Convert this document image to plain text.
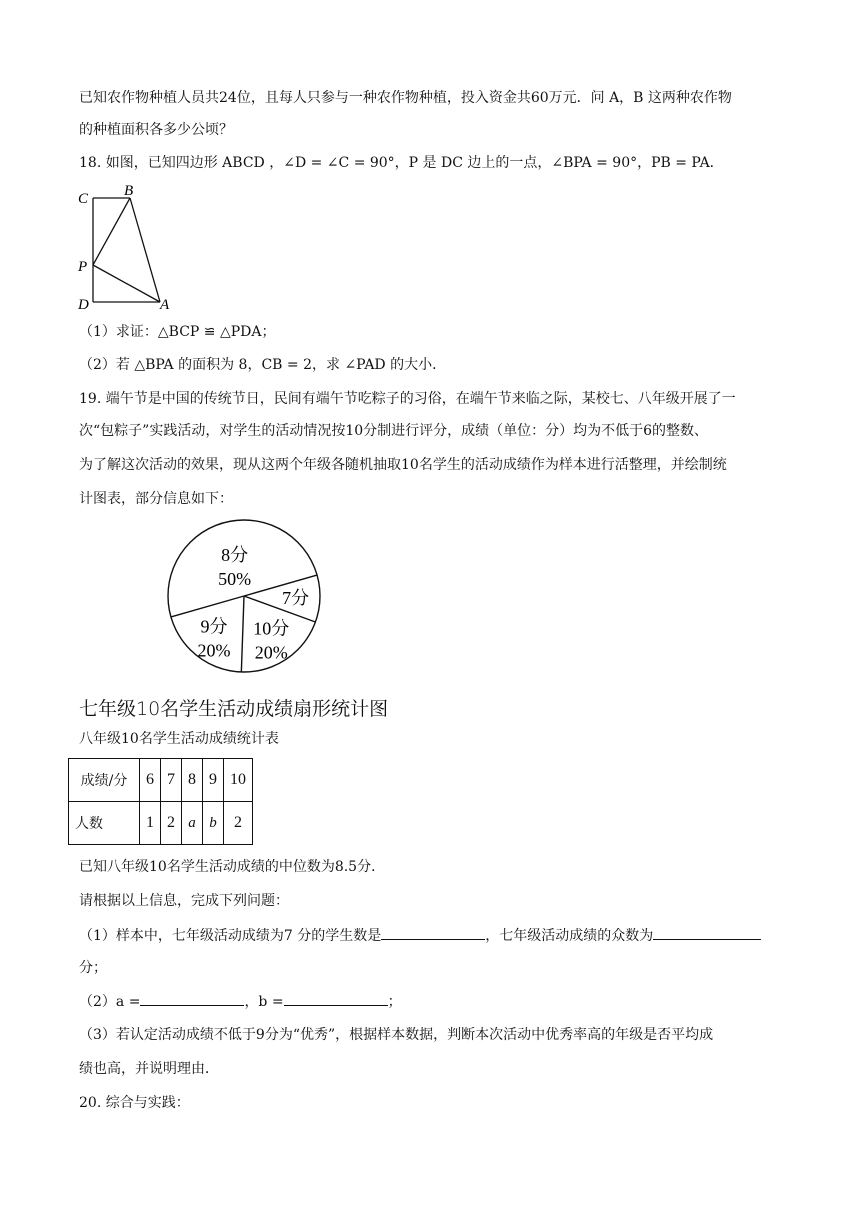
已知农作物种植人员共24位，且每人只参与一种农作物种植，投入资金共60万元．问 A，B 这两种农作物
的种植面积各多少公顷？
18. 如图，已知四边形 ABCD ，∠D = ∠C = 90°，P 是 DC 边上的一点，∠BPA = 90°，PB = PA．
C B
P
D	A
（1）求证：△BCP ≌ △PDA；
（2）若 △BPA 的面积为 8，CB = 2，求 ∠PAD 的大小．
19. 端午节是中国的传统节日，民间有端午节吃粽子的习俗，在端午节来临之际，某校七、八年级开展了一
次“包粽子”实践活动，对学生的活动情况按10分制进行评分，成绩（单位：分）均为不低于6的整数、
为了解这次活动的效果，现从这两个年级各随机抽取10名学生的活动成绩作为样本进行活整理，并绘制统
计图表，部分信息如下：
8分
50%
7分
10分
20%
9分
20%
七年级10名学生活动成绩扇形统计图
八年级10名学生活动成绩统计表
成绩/分	6	7	8	9	10
人数	1	2	a	b	2
已知八年级10名学生活动成绩的中位数为8.5分．
请根据以上信息，完成下列问题：
（1）样本中，七年级活动成绩为7 分的学生数是	，七年级活动成绩的众数为
分；
（2）a =	，b =	；
（3）若认定活动成绩不低于9分为“优秀”，根据样本数据，判断本次活动中优秀率高的年级是否平均成
绩也高，并说明理由．
20. 综合与实践：
